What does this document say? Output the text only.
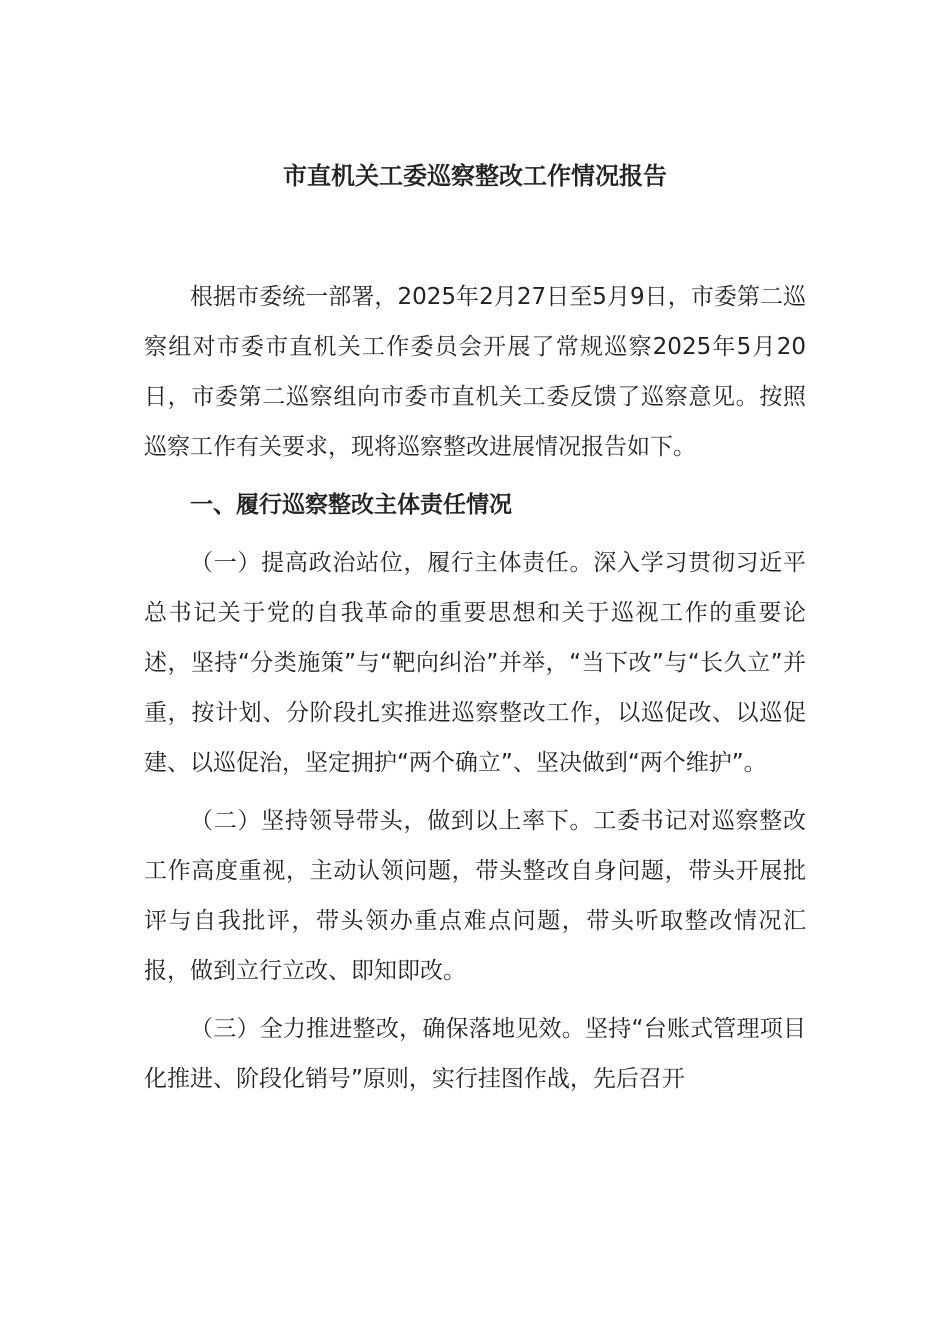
市直机关工委巡察整改工作情况报告

根据市委统一部署，2025年2月27日至5月9日，市委第二巡察组对市委市直机关工作委员会开展了常规巡察2025年5月20日，市委第二巡察组向市委市直机关工委反馈了巡察意见。按照巡察工作有关要求，现将巡察整改进展情况报告如下。

一、履行巡察整改主体责任情况

（一）提高政治站位，履行主体责任。深入学习贯彻习近平总书记关于党的自我革命的重要思想和关于巡视工作的重要论述，坚持“分类施策”与“靶向纠治”并举，“当下改”与“长久立”并重，按计划、分阶段扎实推进巡察整改工作，以巡促改、以巡促建、以巡促治，坚定拥护“两个确立”、坚决做到“两个维护”。

（二）坚持领导带头，做到以上率下。工委书记对巡察整改工作高度重视，主动认领问题，带头整改自身问题，带头开展批评与自我批评，带头领办重点难点问题，带头听取整改情况汇报，做到立行立改、即知即改。

（三）全力推进整改，确保落地见效。坚持“台账式管理项目化推进、阶段化销号”原则，实行挂图作战，先后召开
